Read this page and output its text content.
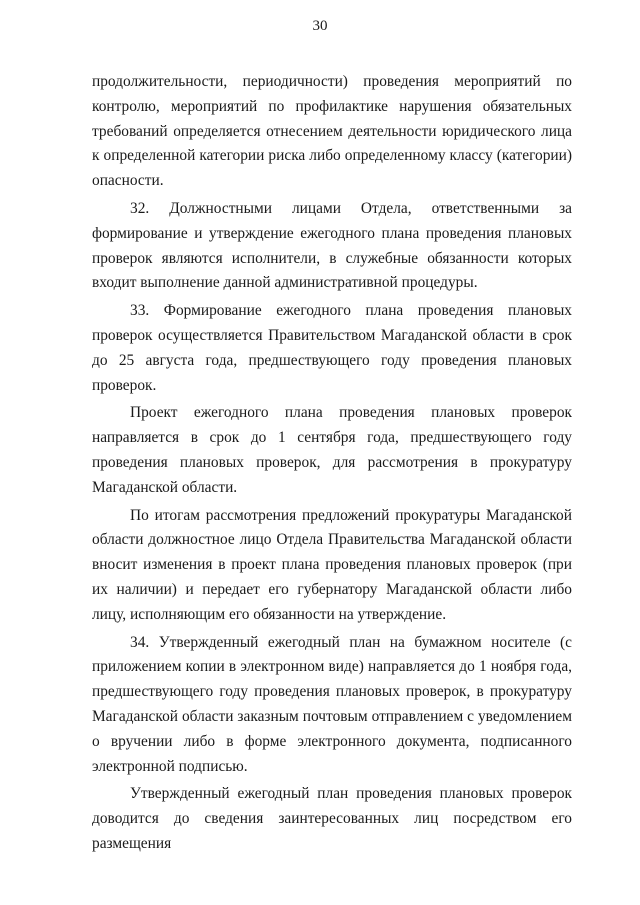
30

продолжительности, периодичности) проведения мероприятий по контролю, мероприятий по профилактике нарушения обязательных требований определяется отнесением деятельности юридического лица к определенной категории риска либо определенному классу (категории) опасности.

32. Должностными лицами Отдела, ответственными за формирование и утверждение ежегодного плана проведения плановых проверок являются исполнители, в служебные обязанности которых входит выполнение данной административной процедуры.

33. Формирование ежегодного плана проведения плановых проверок осуществляется Правительством Магаданской области в срок до 25 августа года, предшествующего году проведения плановых проверок.

Проект ежегодного плана проведения плановых проверок направляется в срок до 1 сентября года, предшествующего году проведения плановых проверок, для рассмотрения в прокуратуру Магаданской области.

По итогам рассмотрения предложений прокуратуры Магаданской области должностное лицо Отдела Правительства Магаданской области вносит изменения в проект плана проведения плановых проверок (при их наличии) и передает его губернатору Магаданской области либо лицу, исполняющим его обязанности на утверждение.

34. Утвержденный ежегодный план на бумажном носителе (с приложением копии в электронном виде) направляется до 1 ноября года, предшествующего году проведения плановых проверок, в прокуратуру Магаданской области заказным почтовым отправлением с уведомлением о вручении либо в форме электронного документа, подписанного электронной подписью.

Утвержденный ежегодный план проведения плановых проверок доводится до сведения заинтересованных лиц посредством его размещения
